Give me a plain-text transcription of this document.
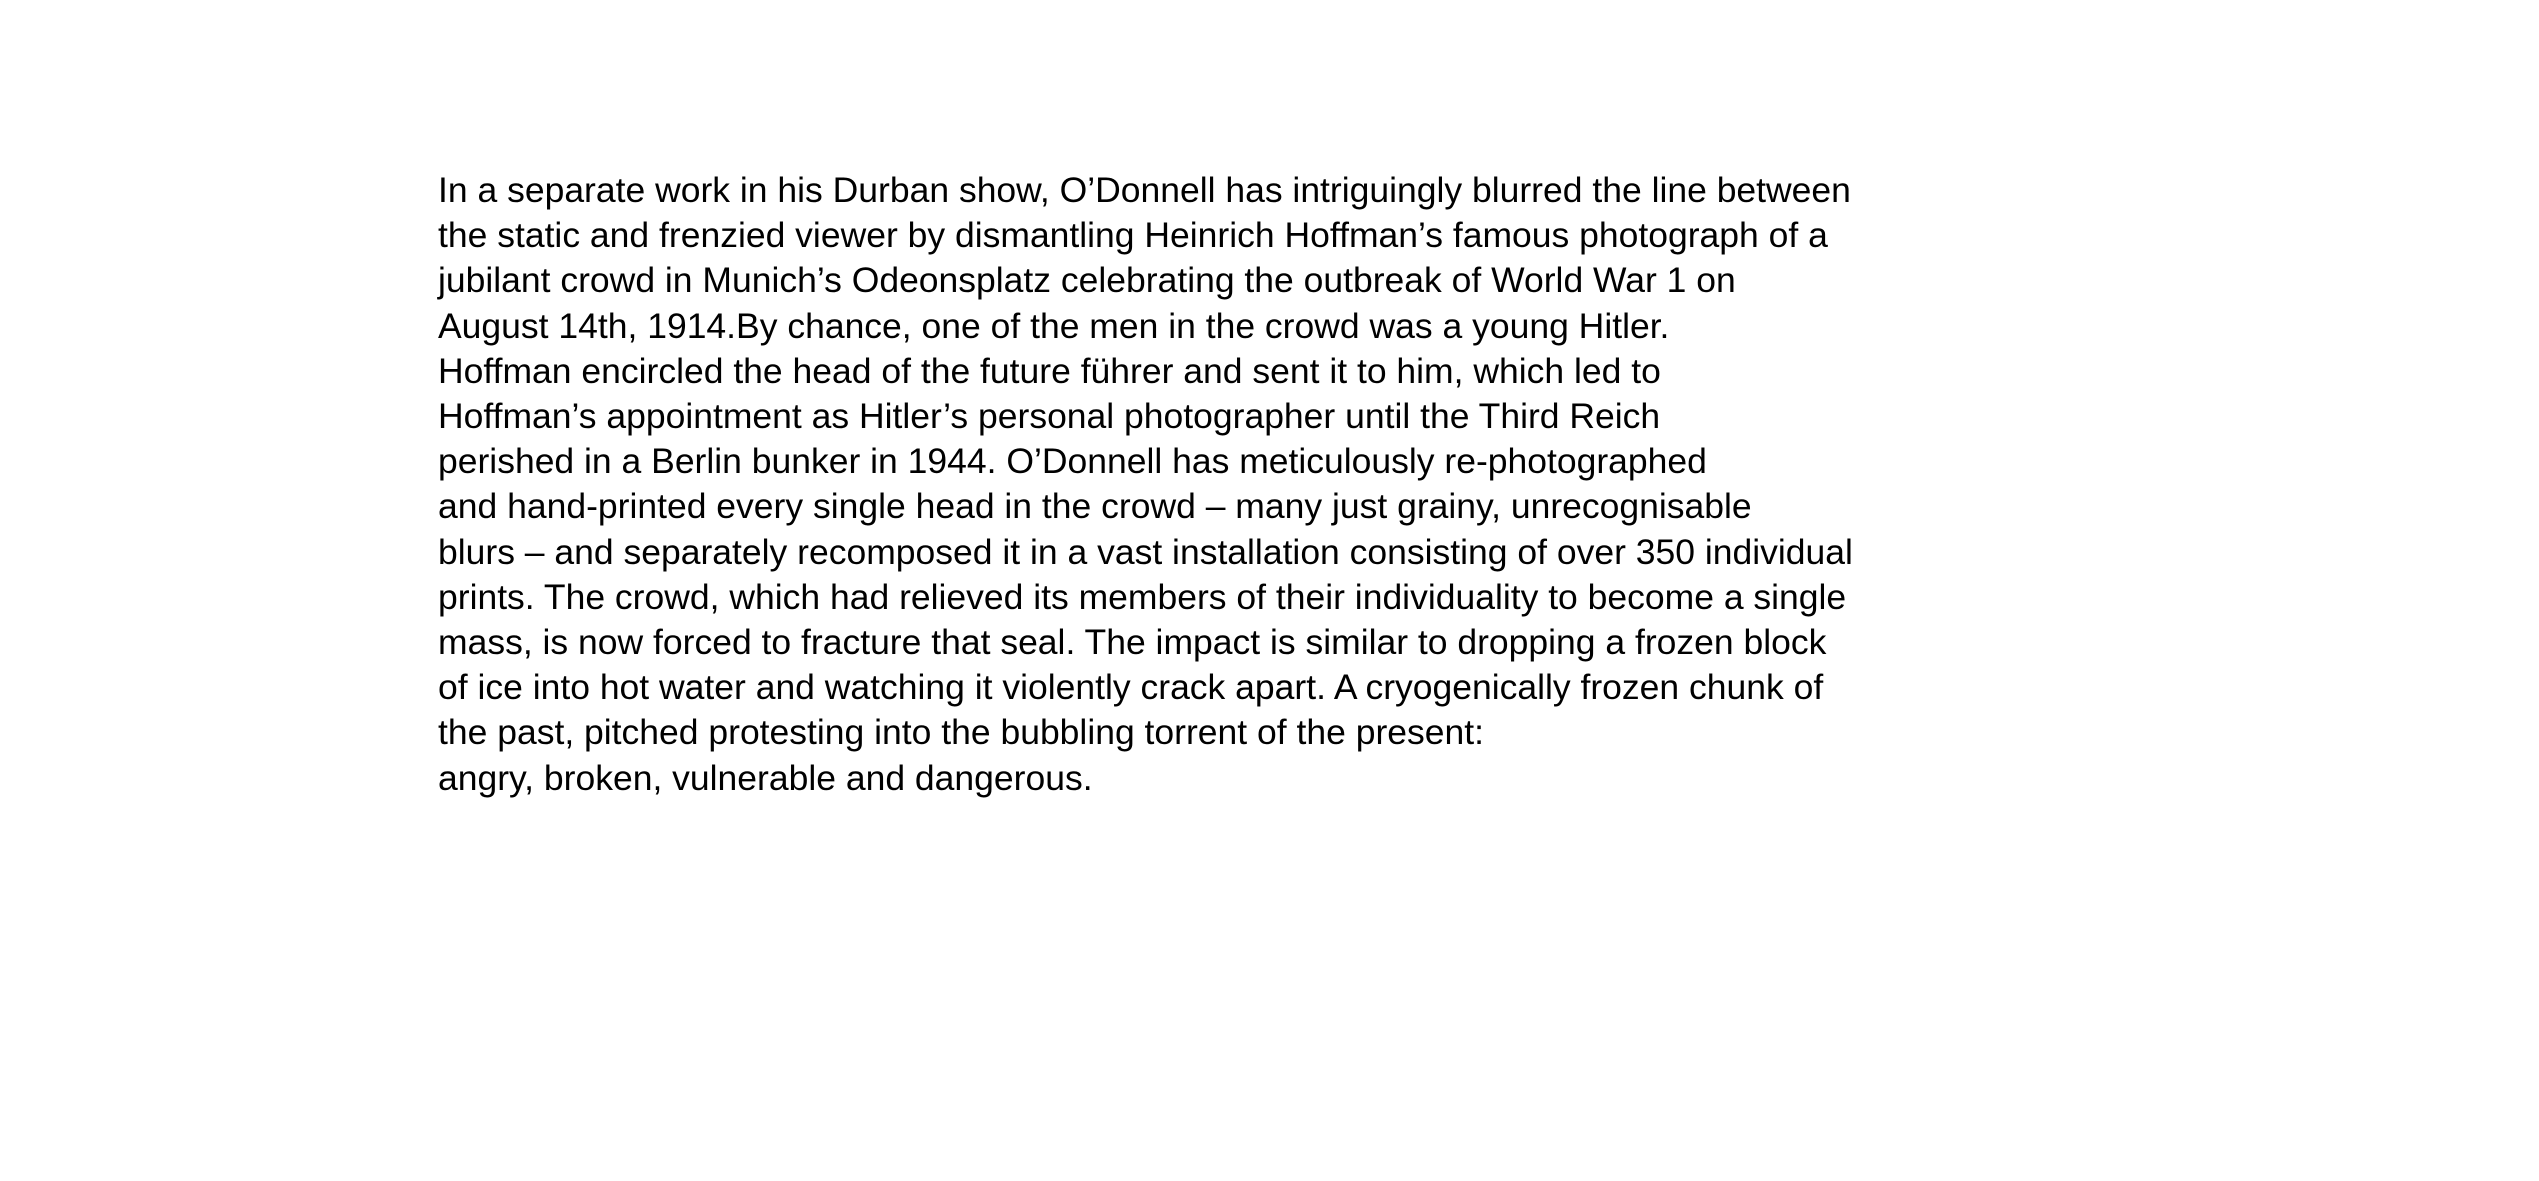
In a separate work in his Durban show, O’Donnell has intriguingly blurred the line between
the static and frenzied viewer by dismantling Heinrich Hoffman’s famous photograph of a
jubilant crowd in Munich’s Odeonsplatz celebrating the outbreak of World War 1 on
August 14th, 1914.By chance, one of the men in the crowd was a young Hitler.
Hoffman encircled the head of the future führer and sent it to him, which led to
Hoffman’s appointment as Hitler’s personal photographer until the Third Reich
perished in a Berlin bunker in 1944. O’Donnell has meticulously re-photographed
and hand-printed every single head in the crowd – many just grainy, unrecognisable
blurs – and separately recomposed it in a vast installation consisting of over 350 individual
prints. The crowd, which had relieved its members of their individuality to become a single
mass, is now forced to fracture that seal. The impact is similar to dropping a frozen block
of ice into hot water and watching it violently crack apart. A cryogenically frozen chunk of
the past, pitched protesting into the bubbling torrent of the present:
angry, broken, vulnerable and dangerous.
